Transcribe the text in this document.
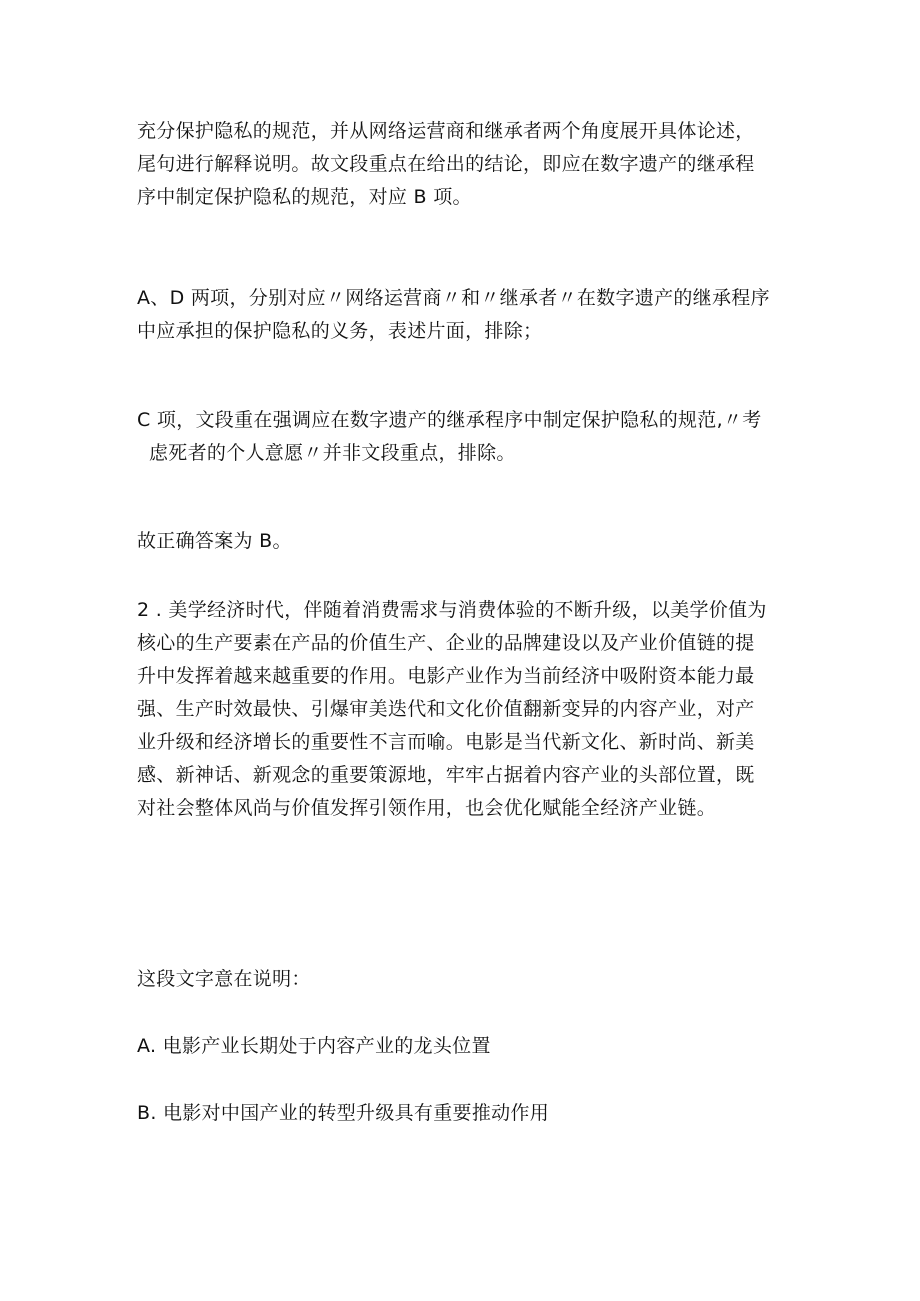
充分保护隐私的规范，并从网络运营商和继承者两个角度展开具体论述，
尾句进行解释说明。故文段重点在给出的结论，即应在数字遗产的继承程
序中制定保护隐私的规范，对应 B 项。

A、D 两项，分别对应〃网络运营商〃和〃继承者〃在数字遗产的继承程序
中应承担的保护隐私的义务，表述片面，排除；

C 项，文段重在强调应在数字遗产的继承程序中制定保护隐私的规范,〃考
虑死者的个人意愿〃并非文段重点，排除。

故正确答案为 B。

2 . 美学经济时代，伴随着消费需求与消费体验的不断升级，以美学价值为
核心的生产要素在产品的价值生产、企业的品牌建设以及产业价值链的提
升中发挥着越来越重要的作用。电影产业作为当前经济中吸附资本能力最
强、生产时效最快、引爆审美迭代和文化价值翻新变异的内容产业，对产
业升级和经济增长的重要性不言而喻。电影是当代新文化、新时尚、新美
感、新神话、新观念的重要策源地，牢牢占据着内容产业的头部位置，既
对社会整体风尚与价值发挥引领作用，也会优化赋能全经济产业链。

这段文字意在说明：

A. 电影产业长期处于内容产业的龙头位置

B. 电影对中国产业的转型升级具有重要推动作用
